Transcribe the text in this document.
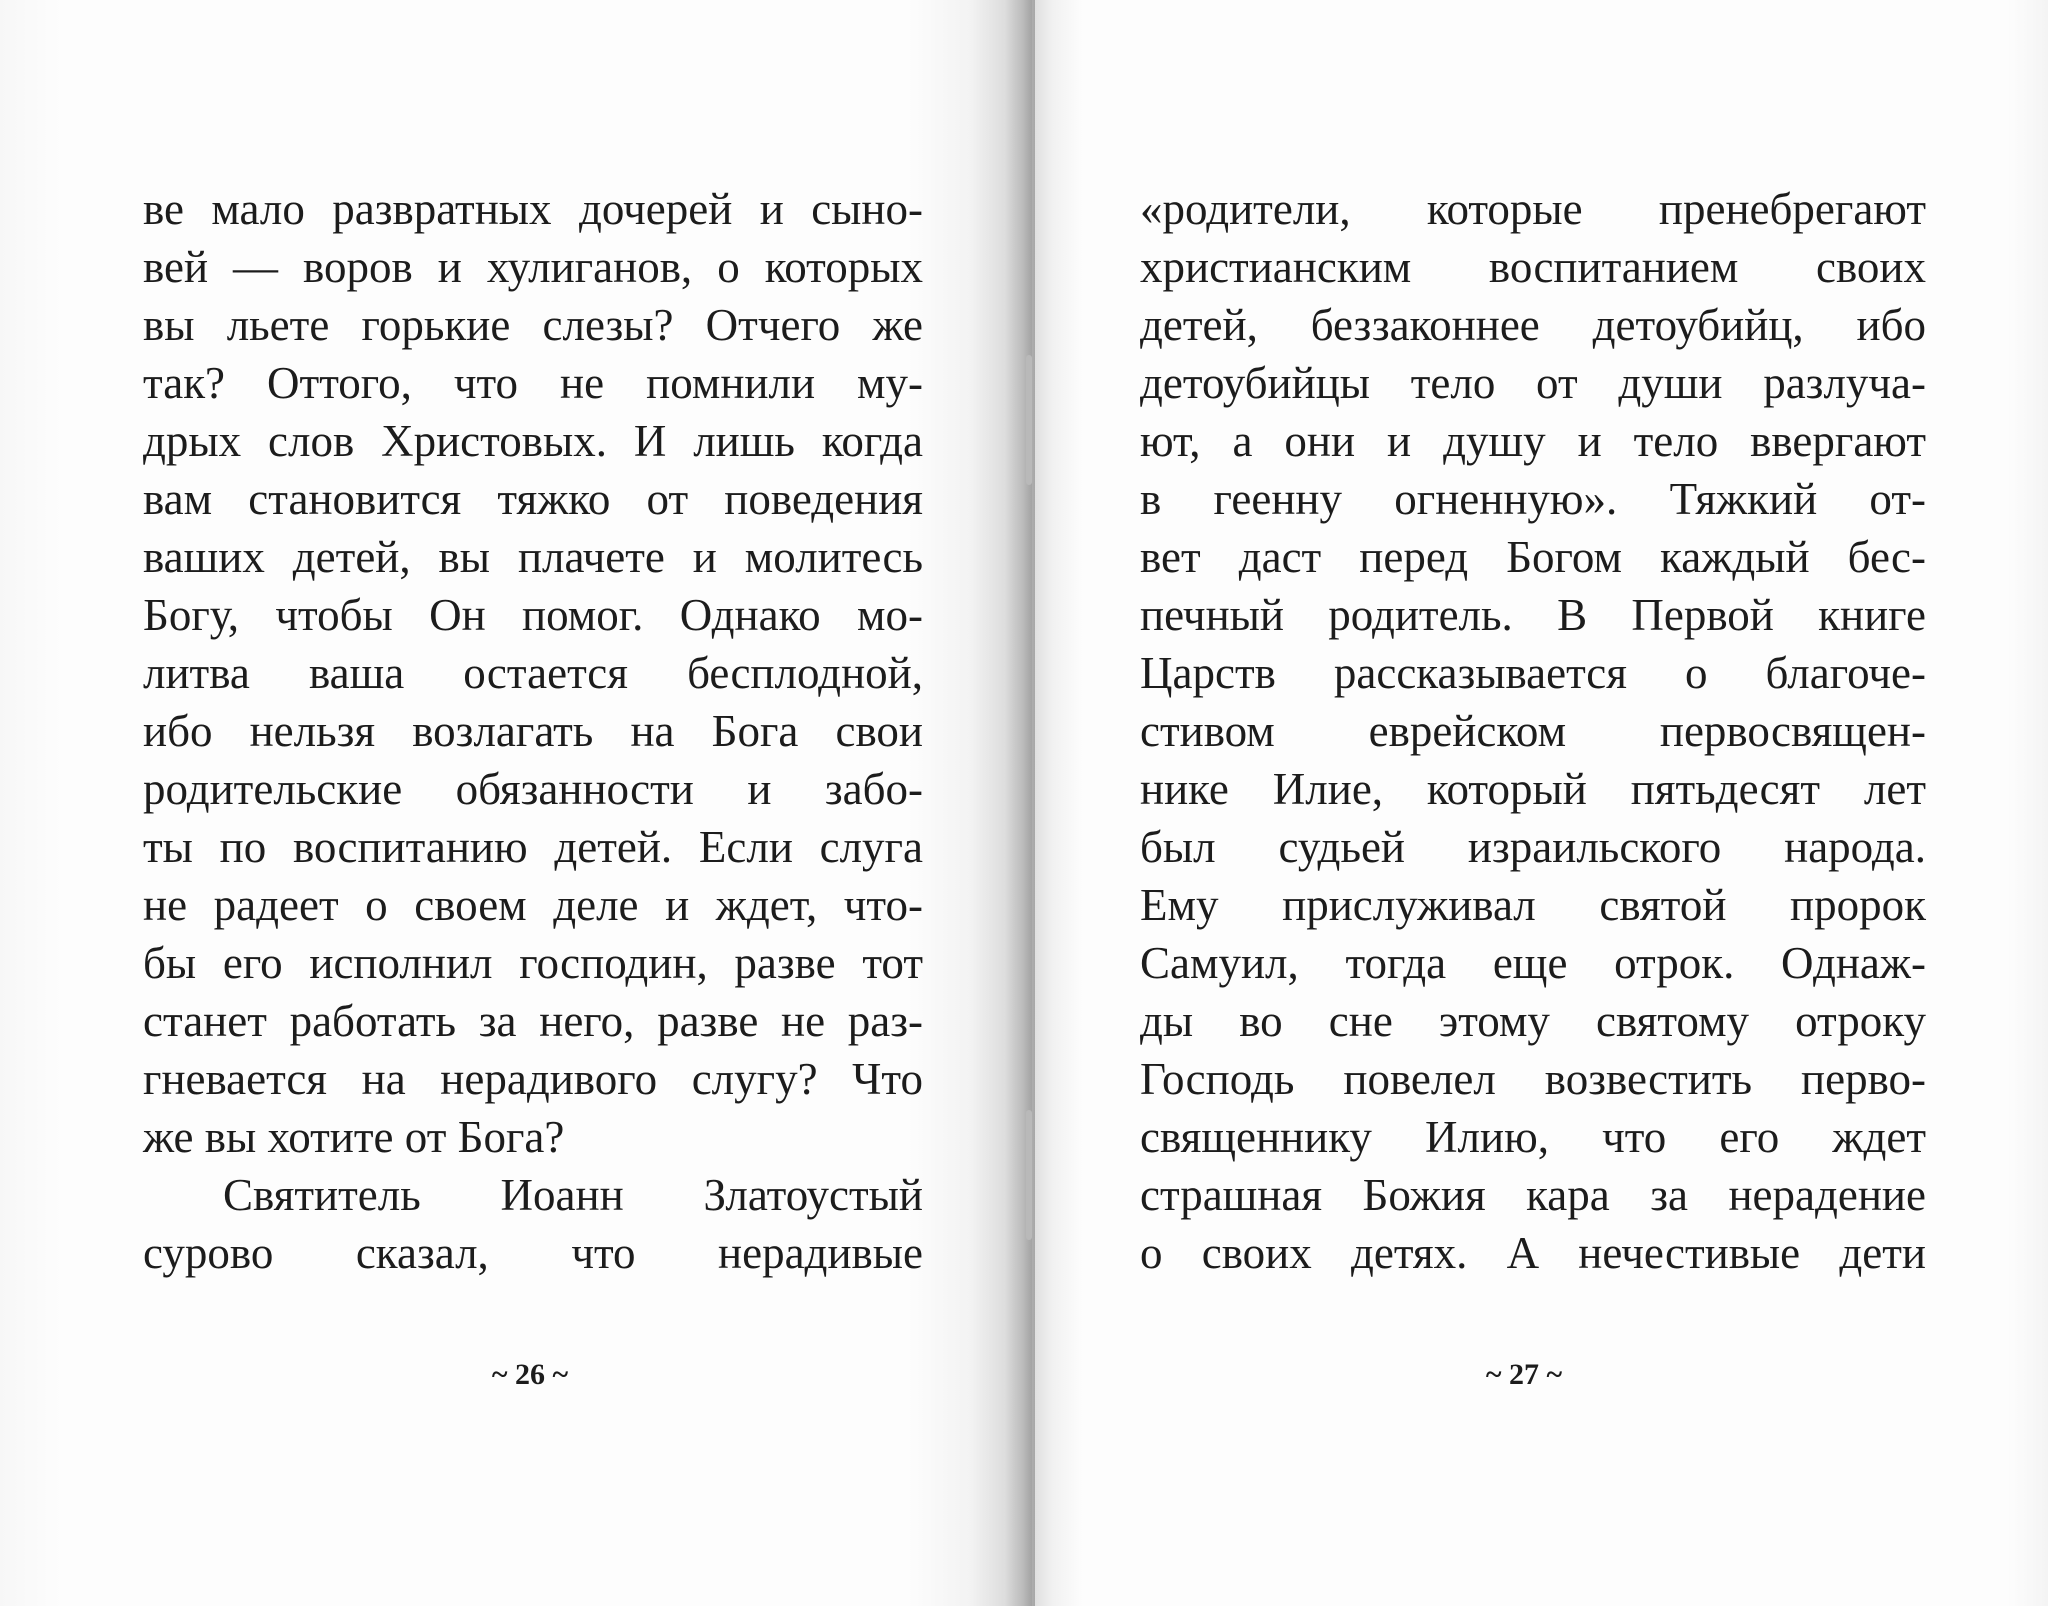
ве мало развратных дочерей и сыно-
вей — воров и хулиганов, о которых
вы льете горькие слезы? Отчего же
так? Оттого, что не помнили му-
дрых слов Христовых. И лишь когда
вам становится тяжко от поведения
ваших детей, вы плачете и молитесь
Богу, чтобы Он помог. Однако мо-
литва ваша остается бесплодной,
ибо нельзя возлагать на Бога свои
родительские обязанности и забо-
ты по воспитанию детей. Если слуга
не радеет о своем деле и ждет, что-
бы его исполнил господин, разве тот
станет работать за него, разве не раз-
гневается на нерадивого слугу? Что
же вы хотите от Бога?
Святитель Иоанн Златоустый
сурово сказал, что нерадивые
~ 26 ~
«родители, которые пренебрегают
христианским воспитанием своих
детей, беззаконнее детоубийц, ибо
детоубийцы тело от души разлуча-
ют, а они и душу и тело ввергают
в геенну огненную». Тяжкий от-
вет даст перед Богом каждый бес-
печный родитель. В Первой книге
Царств рассказывается о благоче-
стивом еврейском первосвящен-
нике Илие, который пятьдесят лет
был судьей израильского народа.
Ему прислуживал святой пророк
Самуил, тогда еще отрок. Однаж-
ды во сне этому святому отроку
Господь повелел возвестить перво-
священнику Илию, что его ждет
страшная Божия кара за нерадение
о своих детях. А нечестивые дети
~ 27 ~
